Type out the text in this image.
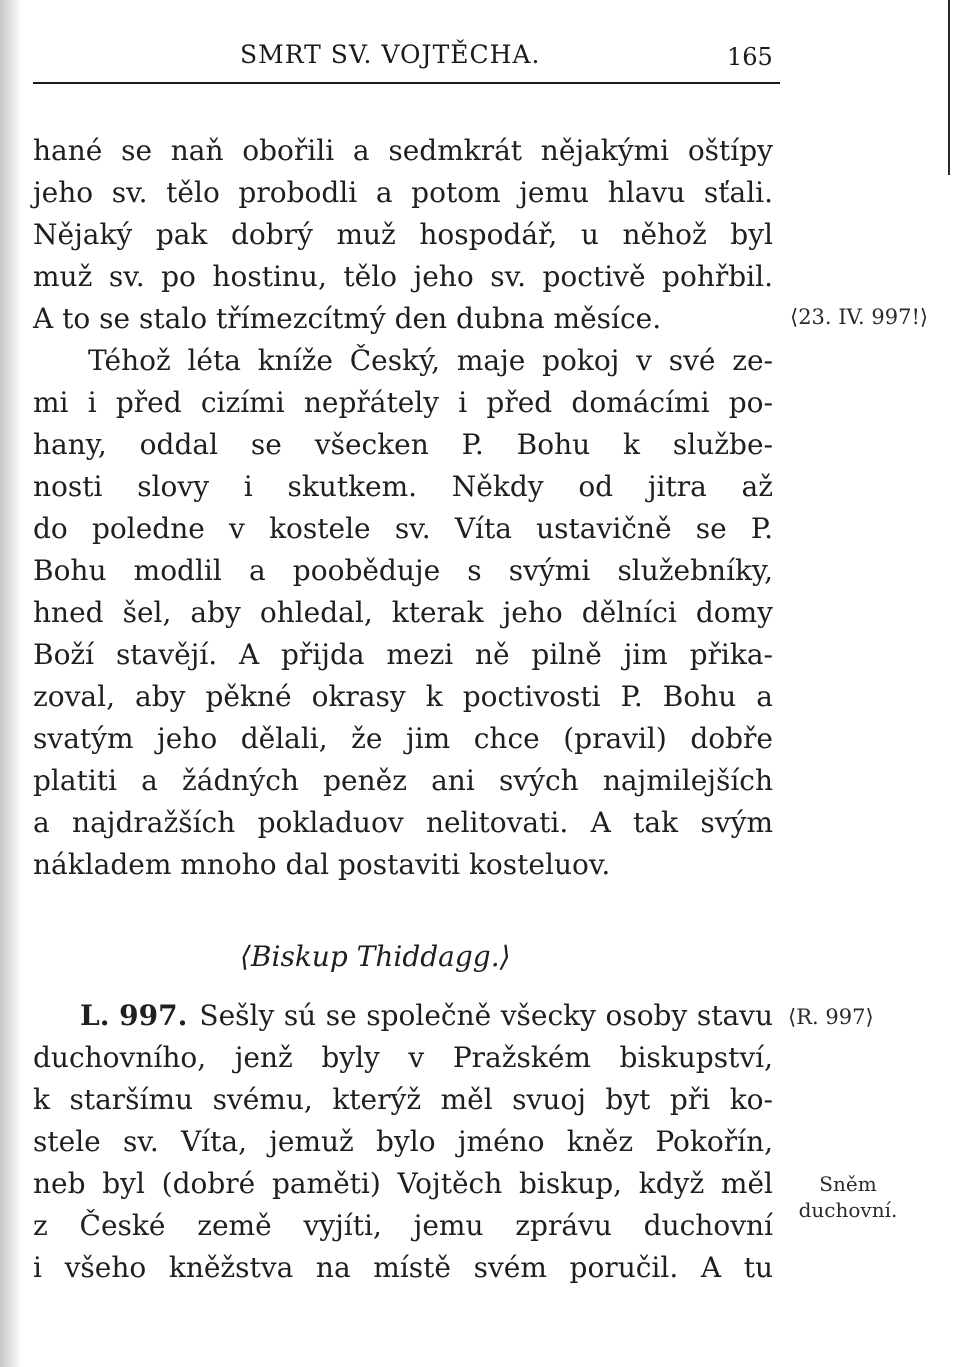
SMRT SV. VOJTĚCHA.	165
hané se naň obořili a sedmkrát nějakými oštípy
jeho sv. tělo probodli a potom jemu hlavu sťali.
Nějaký pak dobrý muž hospodář, u něhož byl
muž sv. po hostinu, tělo jeho sv. poctivě pohřbil.
A to se stalo třímezcítmý den dubna měsíce.
Téhož léta kníže Český, maje pokoj v své ze-
mi i před cizími nepřátely i před domácími po-
hany, oddal se všecken P. Bohu k službe-
nosti slovy i skutkem. Někdy od jitra až
do poledne v kostele sv. Víta ustavičně se P.
Bohu modlil a pooběduje s svými služebníky,
hned šel, aby ohledal, kterak jeho dělníci domy
Boží stavějí. A přijda mezi ně pilně jim přika-
zoval, aby pěkné okrasy k poctivosti P. Bohu a
svatým jeho dělali, že jim chce (pravil) dobře
platiti a žádných peněz ani svých najmilejších
a najdražších pokladuov nelitovati. A tak svým
nákladem mnoho dal postaviti kosteluov.
⟨Biskup Thiddagg.⟩
L. 997. Sešly sú se společně všecky osoby stavu
duchovního, jenž byly v Pražském biskupství,
k staršímu svému, kterýž měl svuoj byt při ko-
stele sv. Víta, jemuž bylo jméno kněz Pokořín,
neb byl (dobré paměti) Vojtěch biskup, když měl
z České země vyjíti, jemu zprávu duchovní
i všeho kněžstva na místě svém poručil. A tu
⟨23. IV. 997!⟩
⟨R. 997⟩
Sněm
duchovní.
